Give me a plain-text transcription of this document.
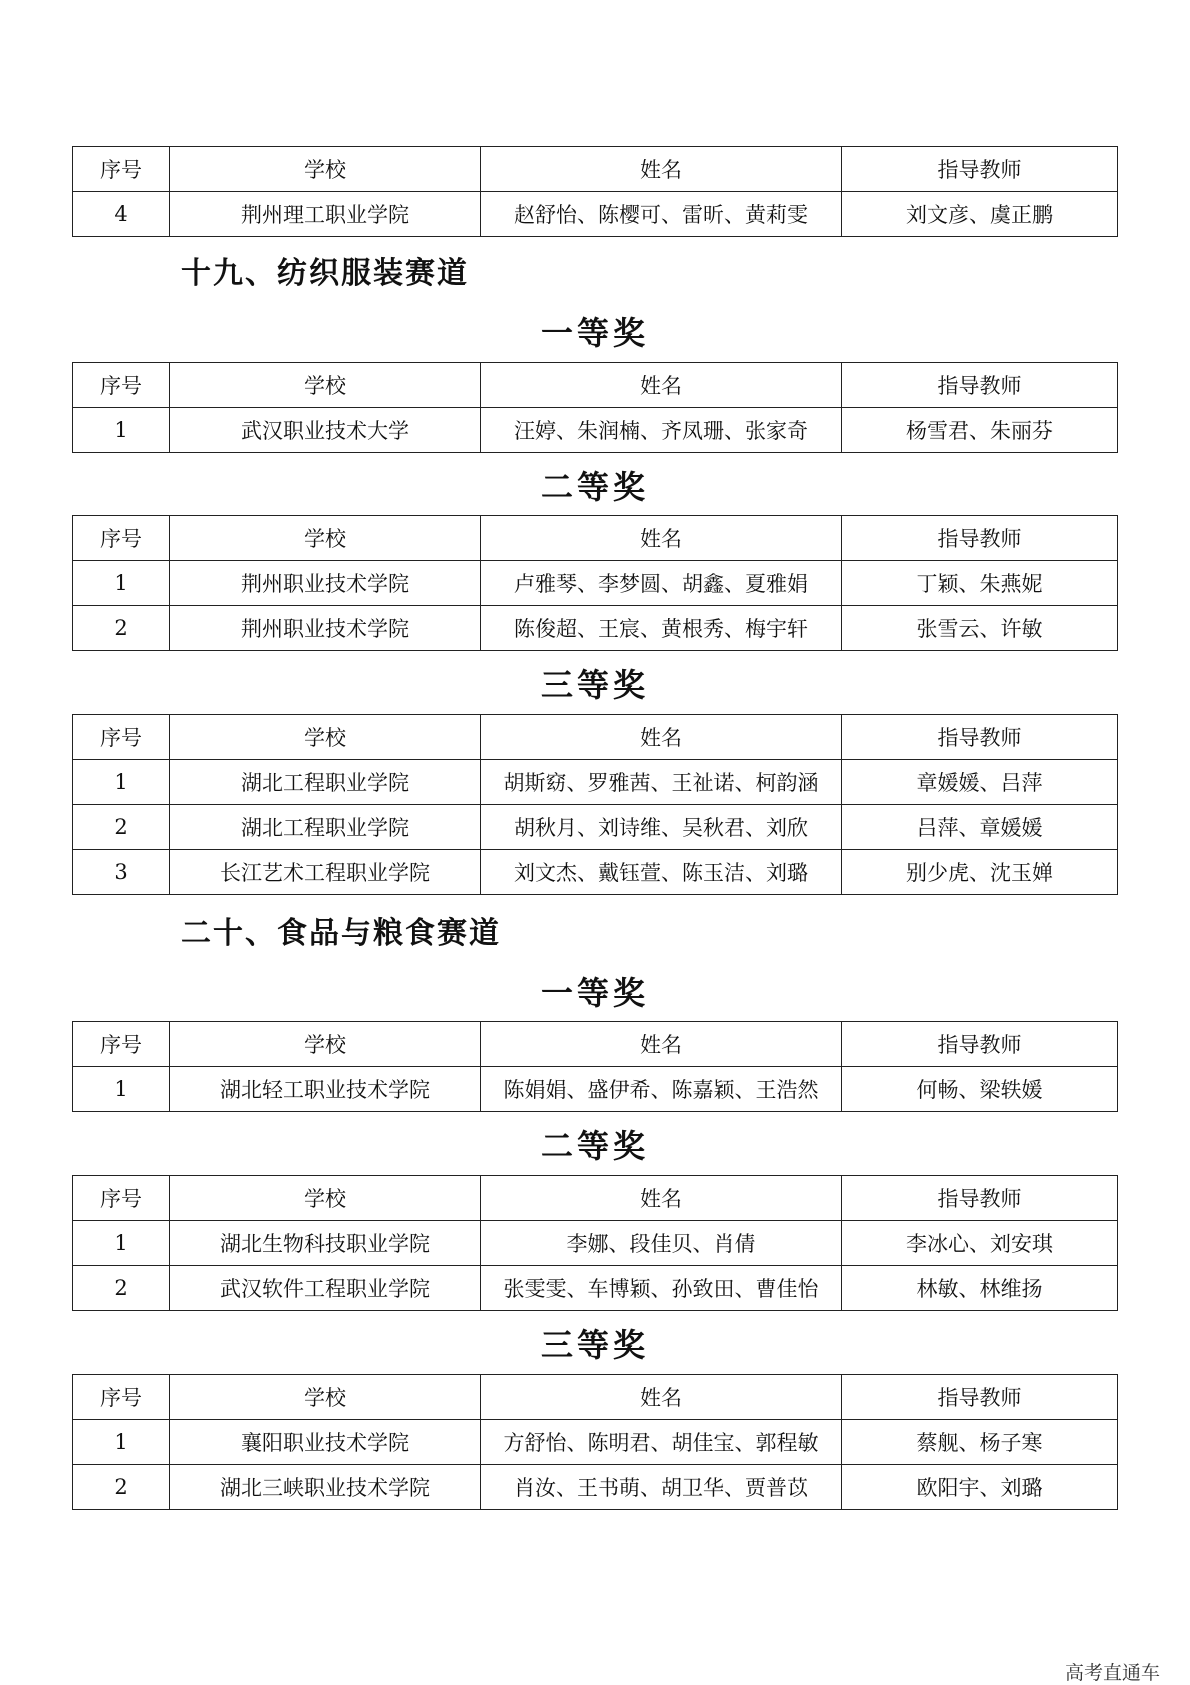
序号	学校	姓名	指导教师
4	荆州理工职业学院	赵舒怡、陈樱可、雷昕、黄莉雯	刘文彦、虞正鹏
十九、纺织服装赛道
一等奖
序号	学校	姓名	指导教师
1	武汉职业技术大学	汪婷、朱润楠、齐凤珊、张家奇	杨雪君、朱丽芬
二等奖
序号	学校	姓名	指导教师
1	荆州职业技术学院	卢雅琴、李梦圆、胡鑫、夏雅娟	丁颖、朱燕妮
2	荆州职业技术学院	陈俊超、王宸、黄根秀、梅宇轩	张雪云、许敏
三等奖
序号	学校	姓名	指导教师
1	湖北工程职业学院	胡斯窈、罗雅茜、王祉诺、柯韵涵	章媛媛、吕萍
2	湖北工程职业学院	胡秋月、刘诗维、吴秋君、刘欣	吕萍、章媛媛
3	长江艺术工程职业学院	刘文杰、戴钰萱、陈玉洁、刘璐	别少虎、沈玉婵
二十、食品与粮食赛道
一等奖
序号	学校	姓名	指导教师
1	湖北轻工职业技术学院	陈娟娟、盛伊希、陈嘉颖、王浩然	何畅、梁轶媛
二等奖
序号	学校	姓名	指导教师
1	湖北生物科技职业学院	李娜、段佳贝、肖倩	李冰心、刘安琪
2	武汉软件工程职业学院	张雯雯、车博颖、孙致田、曹佳怡	林敏、林维扬
三等奖
序号	学校	姓名	指导教师
1	襄阳职业技术学院	方舒怡、陈明君、胡佳宝、郭程敏	蔡舰、杨子寒
2	湖北三峡职业技术学院	肖汝、王书萌、胡卫华、贾普苡	欧阳宇、刘璐
高考直通车
